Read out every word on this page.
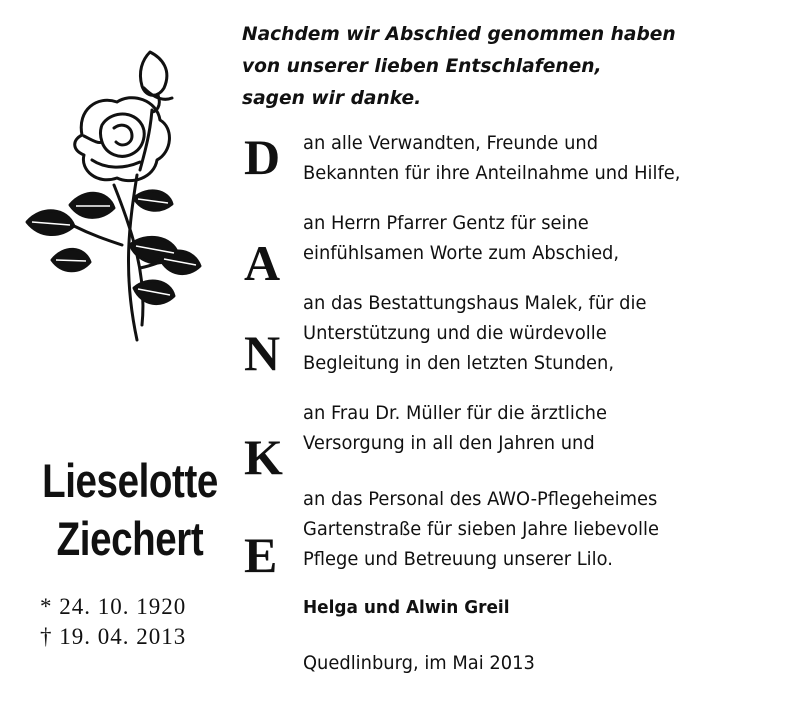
Lieselotte
Ziechert
* 24. 10. 1920
† 19. 04. 2013
Nachdem wir Abschied genommen haben
von unserer lieben Entschlafenen,
sagen wir danke.
D
A
N
K
E
an alle Verwandten, Freunde und
Bekannten für ihre Anteilnahme und Hilfe,
an Herrn Pfarrer Gentz für seine
einfühlsamen Worte zum Abschied,
an das Bestattungshaus Malek, für die
Unterstützung und die würdevolle
Begleitung in den letzten Stunden,
an Frau Dr. Müller für die ärztliche
Versorgung in all den Jahren und
an das Personal des AWO-Pflegeheimes
Gartenstraße für sieben Jahre liebevolle
Pflege und Betreuung unserer Lilo.
Helga und Alwin Greil
Quedlinburg, im Mai 2013
